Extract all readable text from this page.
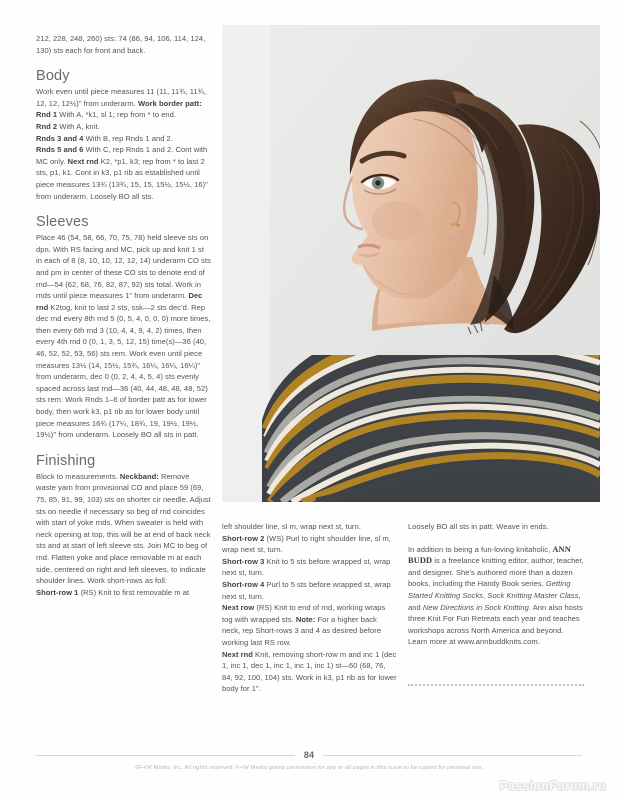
212, 228, 248, 260) sts: 74 (86, 94, 106, 114, 124, 130) sts each for front and back.

Body

Work even until piece measures 11 (11, 11¾, 11¾, 12, 12, 12½)" from underarm. Work border patt:

Rnd 1 With A, *k1, sl 1; rep from * to end.

Rnd 2 With A, knit.

Rnds 3 and 4 With B, rep Rnds 1 and 2.

Rnds 5 and 6 With C, rep Rnds 1 and 2. Cont with MC only. Next rnd K2, *p1, k3; rep from * to last 2 sts, p1, k1. Cont in k3, p1 rib as established until piece measures 13¾ (13¾, 15, 15, 15½, 15½, 16)" from underarm. Loosely BO all sts.

Sleeves

Place 46 (54, 58, 66, 70, 75, 78) held sleeve sts on dpn. With RS facing and MC, pick up and knit 1 st in each of 8 (8, 10, 10, 12, 12, 14) underarm CO sts and pm in center of these CO sts to denote end of rnd—54 (62, 68, 76, 82, 87, 92) sts total. Work in rnds until piece measures 1" from underarm. Dec rnd K2tog, knit to last 2 sts, ssk—2 sts dec'd. Rep dec rnd every 8th rnd 5 (0, 5, 4, 0, 0, 0) more times, then every 6th rnd 3 (10, 4, 4, 9, 4, 2) times, then every 4th rnd 0 (0, 1, 3, 5, 12, 15) time(s)—36 (40, 46, 52, 52, 53, 56) sts rem. Work even until piece measures 13½ (14, 15½, 15¾, 16¼, 16¼, 16¼)" from underarm, dec 0 (0, 2, 4, 4, 5, 4) sts evenly spaced across last rnd—36 (40, 44, 48, 48, 48, 52) sts rem. Work Rnds 1–6 of border patt as for lower body, then work k3, p1 rib as for lower body until piece measures 16¾ (17¼, 18¾, 19, 19½, 19½, 19½)" from underarm. Loosely BO all sts in patt.

Finishing

Block to measurements. Neckband: Remove waste yarn from provisional CO and place 59 (69, 75, 85, 91, 99, 103) sts on shorter cir needle. Adjust sts on needle if necessary so beg of rnd coincides with start of yoke rnds. When sweater is held with neck opening at top, this will be at end of back neck sts and at start of left sleeve sts. Join MC to beg of rnd. Flatten yoke and place removable m at each side, centered on right and left sleeves, to indicate shoulder lines. Work short-rows as foll:

Short-row 1 (RS) Knit to first removable m at

left shoulder line, sl m, wrap next st, turn.

Short-row 2 (WS) Purl to right shoulder line, sl m, wrap next st, turn.

Short-row 3 Knit to 5 sts before wrapped st, wrap next st, turn.

Short-row 4 Purl to 5 sts before wrapped st, wrap next st, turn.

Next row (RS) Knit to end of rnd, working wraps tog with wrapped sts. Note: For a higher back neck, rep Short-rows 3 and 4 as desired before working last RS row.

Next rnd Knit, removing short-row m and inc 1 (dec 1, inc 1, dec 1, inc 1, inc 1, inc 1) st—60 (68, 76, 84, 92, 100, 104) sts. Work in k3, p1 rib as for lower body for 1".

Loosely BO all sts in patt. Weave in ends.

In addition to being a fun-loving knitaholic, ANN BUDD is a freelance knitting editor, author, teacher, and designer. She's authored more than a dozen books, including the Handy Book series, Getting Started Knitting Socks, Sock Knitting Master Class, and New Directions in Sock Knitting. Ann also hosts three Knit For Fun Retreats each year and teaches workshops across North America and beyond. Learn more at www.annbuddknits.com.

84
©F+W Media, Inc. All rights reserved. F+W Media grants permission for any or all pages in this issue to be copied for personal use.
PassionForum.ru
